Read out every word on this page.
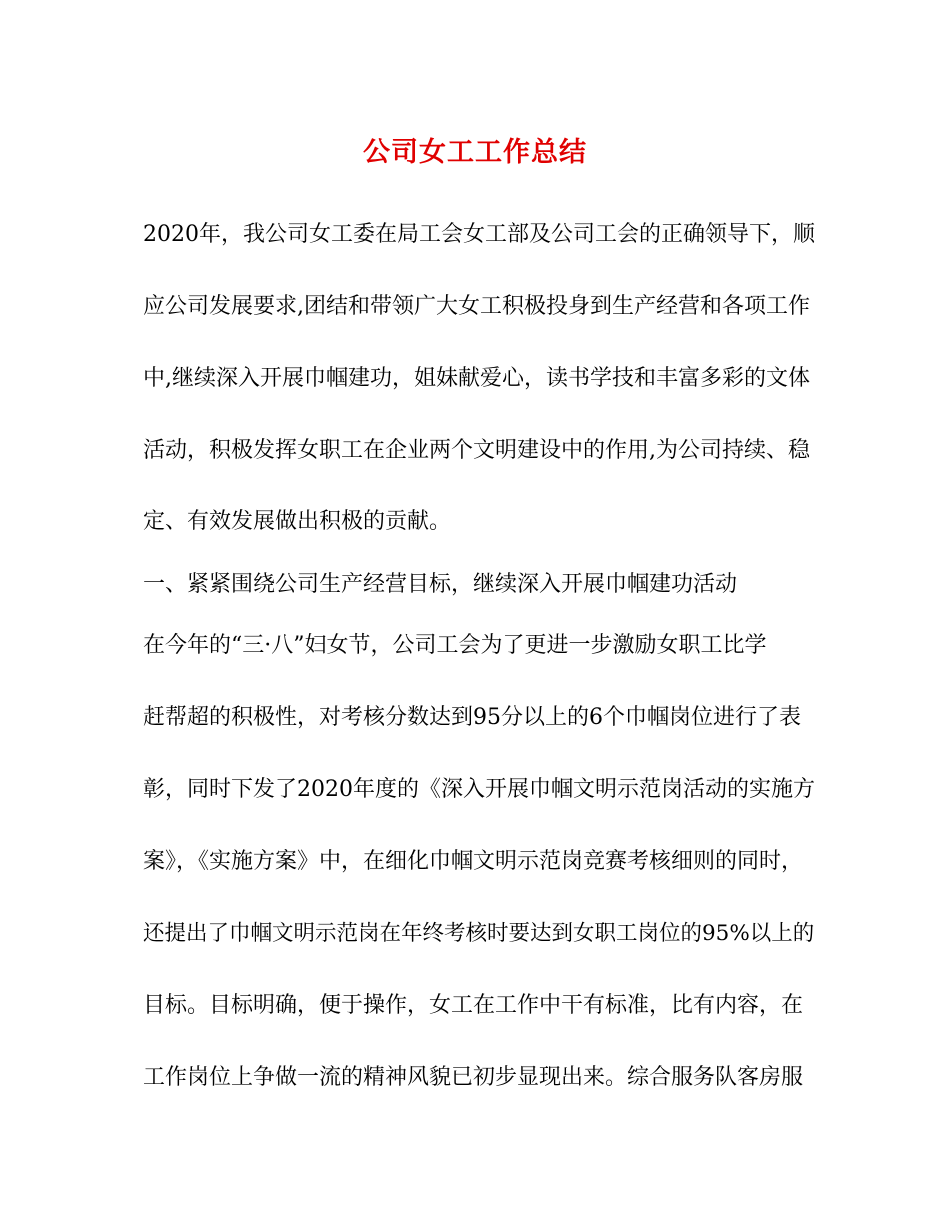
公司女工工作总结
2020年，我公司女工委在局工会女工部及公司工会的正确领导下，顺
应公司发展要求,团结和带领广大女工积极投身到生产经营和各项工作
中,继续深入开展巾帼建功，姐妹献爱心，读书学技和丰富多彩的文体
活动，积极发挥女职工在企业两个文明建设中的作用,为公司持续、稳
定、有效发展做出积极的贡献。
一、紧紧围绕公司生产经营目标，继续深入开展巾帼建功活动
在今年的“三·八”妇女节，公司工会为了更进一步激励女职工比学
赶帮超的积极性，对考核分数达到95分以上的6个巾帼岗位进行了表
彰，同时下发了2020年度的《深入开展巾帼文明示范岗活动的实施方
案》，《实施方案》中，在细化巾帼文明示范岗竞赛考核细则的同时，
还提出了巾帼文明示范岗在年终考核时要达到女职工岗位的95%以上的
目标。目标明确，便于操作，女工在工作中干有标准，比有内容，在
工作岗位上争做一流的精神风貌已初步显现出来。综合服务队客房服
